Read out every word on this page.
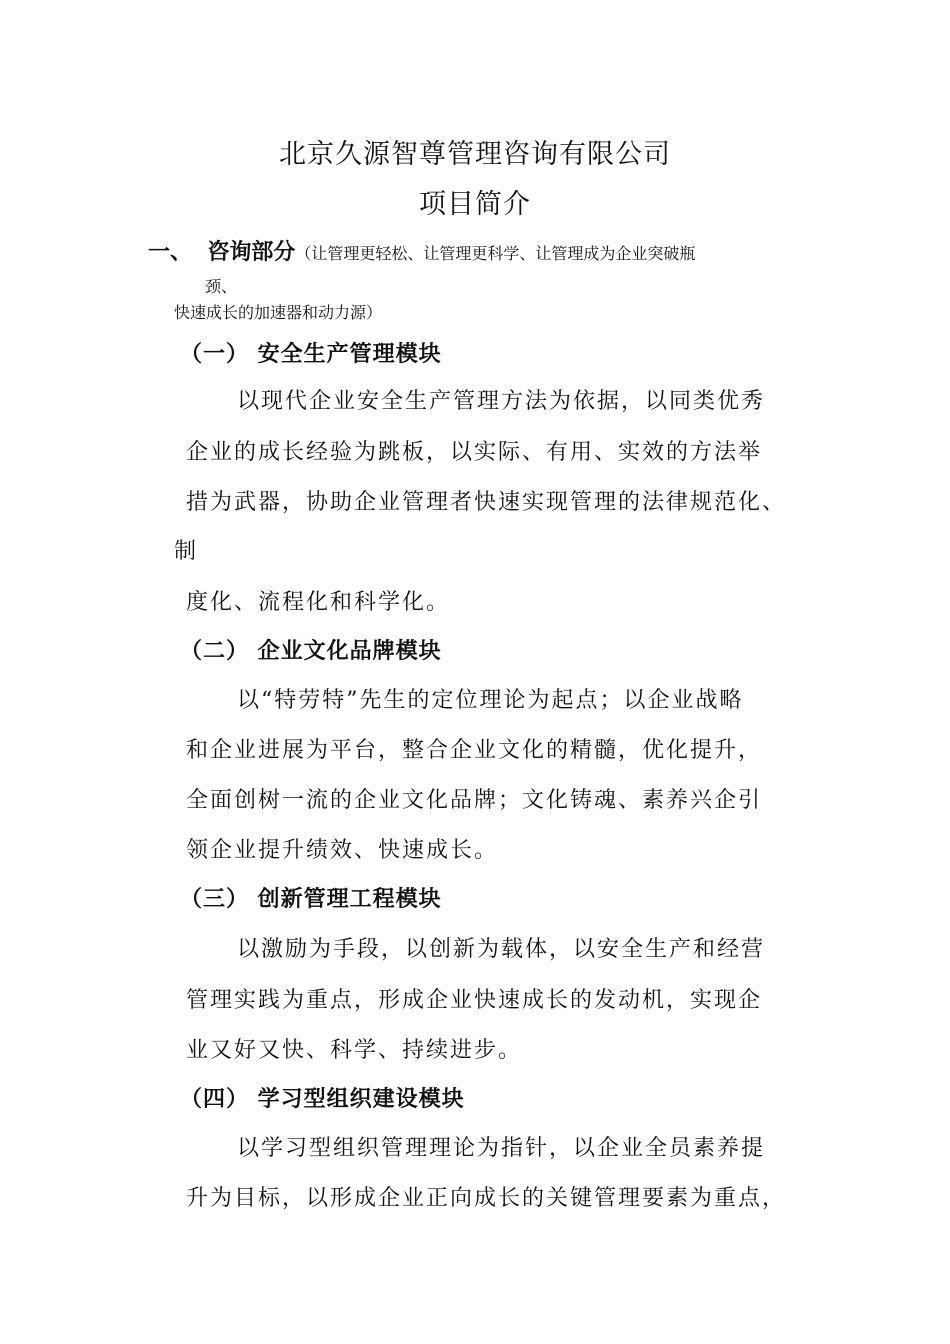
北京久源智尊管理咨询有限公司
项目简介
一、 咨询部分（让管理更轻松、让管理更科学、让管理成为企业突破瓶
颈、
快速成长的加速器和动力源）
（一） 安全生产管理模块
以现代企业安全生产管理方法为依据，以同类优秀
企业的成长经验为跳板，以实际、有用、实效的方法举
措为武器，协助企业管理者快速实现管理的法律规范化、
制
度化、流程化和科学化。
（二） 企业文化品牌模块
以“特劳特”先生的定位理论为起点；以企业战略
和企业进展为平台，整合企业文化的精髓，优化提升，
全面创树一流的企业文化品牌；文化铸魂、素养兴企引
领企业提升绩效、快速成长。
（三） 创新管理工程模块
以激励为手段，以创新为载体，以安全生产和经营
管理实践为重点，形成企业快速成长的发动机，实现企
业又好又快、科学、持续进步。
（四） 学习型组织建设模块
以学习型组织管理理论为指针，以企业全员素养提
升为目标，以形成企业正向成长的关键管理要素为重点，
